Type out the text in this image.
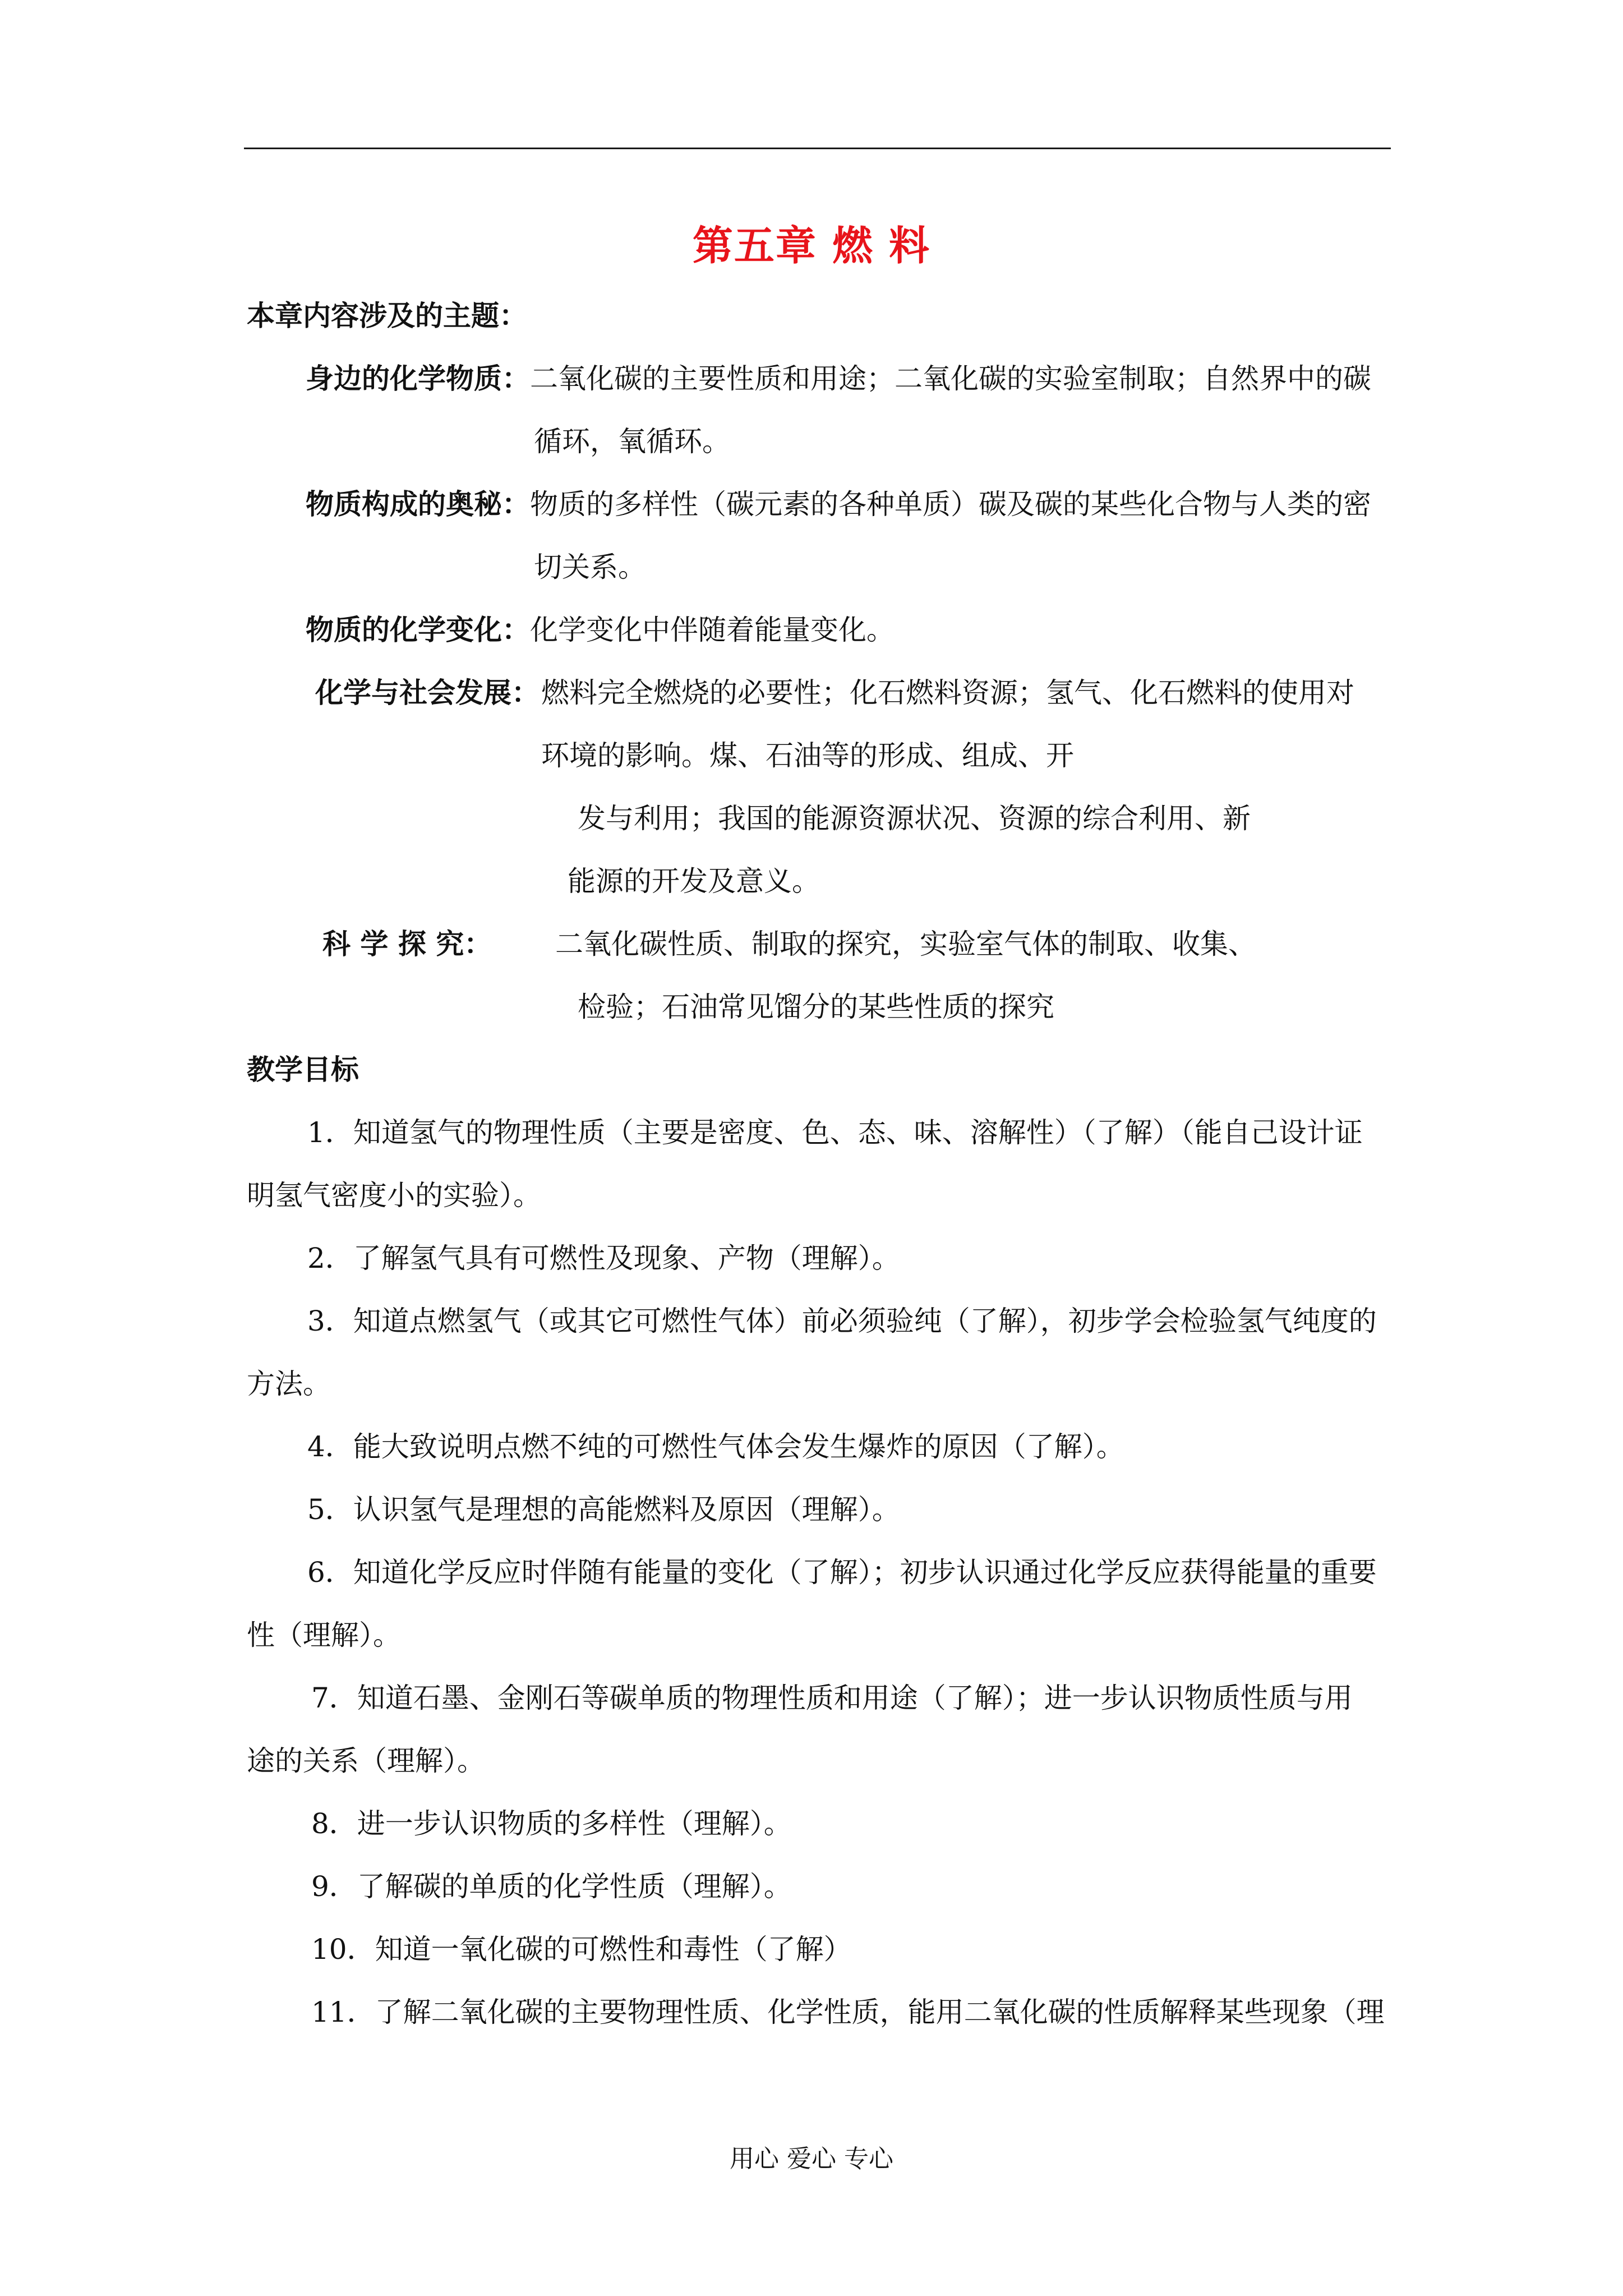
第五章 燃 料
本章内容涉及的主题：
身边的化学物质： 二氧化碳的主要性质和用途；二氧化碳的实验室制取；自然界中的碳
循环，氧循环。
物质构成的奥秘： 物质的多样性（碳元素的各种单质）碳及碳的某些化合物与人类的密
切关系。
物质的化学变化： 化学变化中伴随着能量变化。
化学与社会发展： 燃料完全燃烧的必要性；化石燃料资源；氢气、化石燃料的使用对
环境的影响。煤、石油等的形成、组成、开
发与利用；我国的能源资源状况、资源的综合利用、新
能源的开发及意义。
科 学 探 究： 二氧化碳性质、制取的探究，实验室气体的制取、收集、
检验；石油常见馏分的某些性质的探究
教学目标
1．知道氢气的物理性质（主要是密度、色、态、味、溶解性）（了解）（能自己设计证
明氢气密度小的实验）。
2．了解氢气具有可燃性及现象、产物（理解）。
3．知道点燃氢气（或其它可燃性气体）前必须验纯（了解），初步学会检验氢气纯度的
方法。
4．能大致说明点燃不纯的可燃性气体会发生爆炸的原因（了解）。
5．认识氢气是理想的高能燃料及原因（理解）。
6．知道化学反应时伴随有能量的变化（了解）；初步认识通过化学反应获得能量的重要
性（理解）。
7．知道石墨、金刚石等碳单质的物理性质和用途（了解）；进一步认识物质性质与用
途的关系（理解）。
8．进一步认识物质的多样性（理解）。
9．了解碳的单质的化学性质（理解）。
10．知道一氧化碳的可燃性和毒性（了解）
11．了解二氧化碳的主要物理性质、化学性质，能用二氧化碳的性质解释某些现象（理
用心 爱心 专心
